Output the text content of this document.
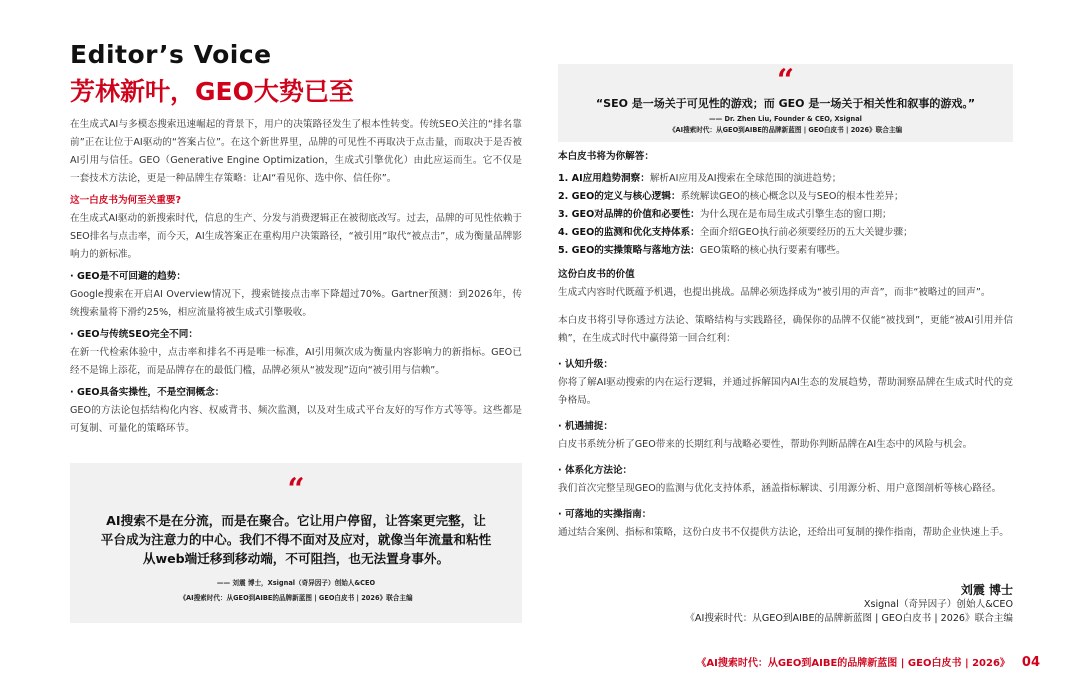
Editor’s Voice
芳林新叶，GEO大势已至

在生成式AI与多模态搜索迅速崛起的背景下，用户的决策路径发生了根本性转变。传统SEO关注的“排名靠前”正在让位于AI驱动的“答案占位”。在这个新世界里，品牌的可见性不再取决于点击量，而取决于是否被AI引用与信任。GEO（Generative Engine Optimization，生成式引擎优化）由此应运而生。它不仅是一套技术方法论，更是一种品牌生存策略：让AI“看见你、选中你、信任你”。

这一白皮书为何至关重要?

在生成式AI驱动的新搜索时代，信息的生产、分发与消费逻辑正在被彻底改写。过去，品牌的可见性依赖于SEO排名与点击率，而今天，AI生成答案正在重构用户决策路径，“被引用”取代“被点击”，成为衡量品牌影响力的新标准。

· GEO是不可回避的趋势：

Google搜索在开启AI Overview情况下，搜索链接点击率下降超过70%。Gartner预测：到2026年，传统搜索量将下滑约25%，相应流量将被生成式引擎吸收。

· GEO与传统SEO完全不同：

在新一代检索体验中，点击率和排名不再是唯一标准，AI引用频次成为衡量内容影响力的新指标。GEO已经不是锦上添花，而是品牌存在的最低门槛，品牌必须从“被发现”迈向“被引用与信赖”。

· GEO具备实操性，不是空洞概念：

GEO的方法论包括结构化内容、权威背书、频次监测，以及对生成式平台友好的写作方式等等。这些都是可复制、可量化的策略环节。

“
AI搜索不是在分流，而是在聚合。它让用户停留，让答案更完整，让平台成为注意力的中心。我们不得不面对及应对，就像当年流量和粘性从web端迁移到移动端，不可阻挡，也无法置身事外。
—— 刘震 博士，Xsignal（奇异因子）创始人&CEO
《AI搜索时代：从GEO到AIBE的品牌新蓝图 | GEO白皮书 | 2026》联合主编
“
“SEO 是一场关于可见性的游戏；而 GEO 是一场关于相关性和叙事的游戏。”
—— Dr. Zhen Liu, Founder & CEO, Xsignal
《AI搜索时代：从GEO到AIBE的品牌新蓝图 | GEO白皮书 | 2026》联合主编

本白皮书将为你解答：

1. AI应用趋势洞察：解析AI应用及AI搜索在全球范围的演进趋势；
2. GEO的定义与核心逻辑：系统解读GEO的核心概念以及与SEO的根本性差异；
3. GEO对品牌的价值和必要性：为什么现在是布局生成式引擎生态的窗口期；
4. GEO的监测和优化支持体系：全面介绍GEO执行前必须要经历的五大关键步骤；
5. GEO的实操策略与落地方法：GEO策略的核心执行要素有哪些。

这份白皮书的价值

生成式内容时代既蕴予机遇，也提出挑战。品牌必须选择成为“被引用的声音”，而非“被略过的回声”。

本白皮书将引导你透过方法论、策略结构与实践路径，确保你的品牌不仅能“被找到”，更能“被AI引用并信赖”，在生成式时代中赢得第一回合红利：

· 认知升级：

你将了解AI驱动搜索的内在运行逻辑，并通过拆解国内AI生态的发展趋势，帮助洞察品牌在生成式时代的竞争格局。

· 机遇捕捉：

白皮书系统分析了GEO带来的长期红利与战略必要性，帮助你判断品牌在AI生态中的风险与机会。

· 体系化方法论：

我们首次完整呈现GEO的监测与优化支持体系，涵盖指标解读、引用源分析、用户意图剖析等核心路径。

· 可落地的实操指南：

通过结合案例、指标和策略，这份白皮书不仅提供方法论，还给出可复制的操作指南，帮助企业快速上手。

刘震 博士
Xsignal（奇异因子）创始人&CEO
《AI搜索时代：从GEO到AIBE的品牌新蓝图 | GEO白皮书 | 2026》联合主编
《AI搜索时代：从GEO到AIBE的品牌新蓝图 | GEO白皮书 | 2026》 04
